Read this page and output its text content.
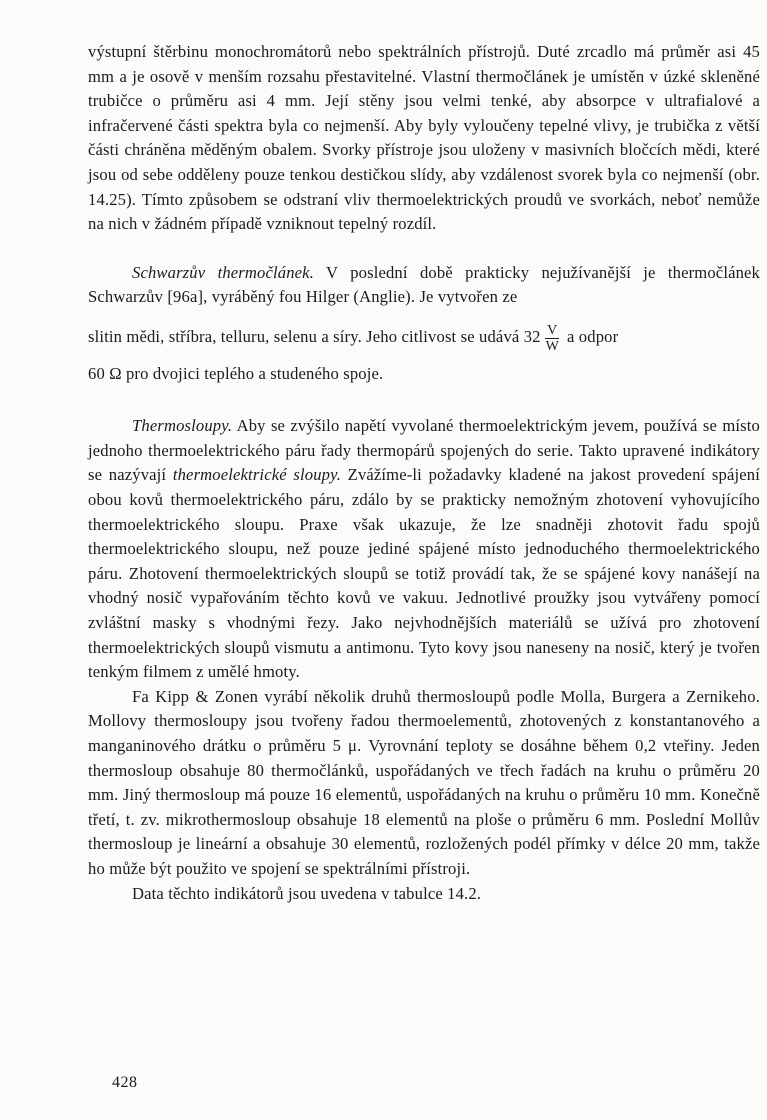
výstupní štěrbinu monochromátorů nebo spektrálních přístrojů. Duté zrcadlo má průměr asi 45 mm a je osově v menším rozsahu přestavitelné. Vlastní thermočlánek je umístěn v úzké skleněné trubičce o průměru asi 4 mm. Její stěny jsou velmi tenké, aby absorpce v ultrafialové a infračervené části spektra byla co nejmenší. Aby byly vyloučeny tepelné vlivy, je trubička z větší části chráněna měděným obalem. Svorky přístroje jsou uloženy v masivních bločcích mědi, které jsou od sebe odděleny pouze tenkou destičkou slídy, aby vzdálenost svorek byla co nejmenší (obr. 14.25). Tímto způsobem se odstraní vliv thermoelektrických proudů ve svorkách, neboť nemůže na nich v žádném případě vzniknout tepelný rozdíl.

Schwarzův thermočlánek. V poslední době prakticky nejužívanější je thermočlánek Schwarzův [96a], vyráběný fou Hilger (Anglie). Je vytvořen ze

slitin mědi, stříbra, telluru, selenu a síry. Jeho citlivost se udává $32 \frac{V}{W}$ a odpor

60 Ω pro dvojici teplého a studeného spoje.

Thermosloupy. Aby se zvýšilo napětí vyvolané thermoelektrickým jevem, používá se místo jednoho thermoelektrického páru řady thermopárů spojených do serie. Takto upravené indikátory se nazývají thermoelektrické sloupy. Zvážíme-li požadavky kladené na jakost provedení spájení obou kovů thermoelektrického páru, zdálo by se prakticky nemožným zhotovení vyhovujícího thermoelektrického sloupu. Praxe však ukazuje, že lze snadněji zhotovit řadu spojů thermoelektrického sloupu, než pouze jediné spájené místo jednoduchého thermoelektrického páru. Zhotovení thermoelektrických sloupů se totiž provádí tak, že se spájené kovy nanášejí na vhodný nosič vypařováním těchto kovů ve vakuu. Jednotlivé proužky jsou vytvářeny pomocí zvláštní masky s vhodnými řezy. Jako nejvhodnějších materiálů se užívá pro zhotovení thermoelektrických sloupů vismutu a antimonu. Tyto kovy jsou naneseny na nosič, který je tvořen tenkým filmem z umělé hmoty.

Fa Kipp & Zonen vyrábí několik druhů thermosloupů podle Molla, Burgera a Zernikeho. Mollovy thermosloupy jsou tvořeny řadou thermoelementů, zhotovených z konstantanového a manganinového drátku o průměru 5 μ. Vyrovnání teploty se dosáhne během 0,2 vteřiny. Jeden thermosloup obsahuje 80 thermočlánků, uspořádaných ve třech řadách na kruhu o průměru 20 mm. Jiný thermosloup má pouze 16 elementů, uspořádaných na kruhu o průměru 10 mm. Konečně třetí, t. zv. mikrothermosloup obsahuje 18 elementů na ploše o průměru 6 mm. Poslední Mollův thermosloup je lineární a obsahuje 30 elementů, rozložených podél přímky v délce 20 mm, takže ho může být použito ve spojení se spektrálními přístroji.

Data těchto indikátorů jsou uvedena v tabulce 14.2.

428
